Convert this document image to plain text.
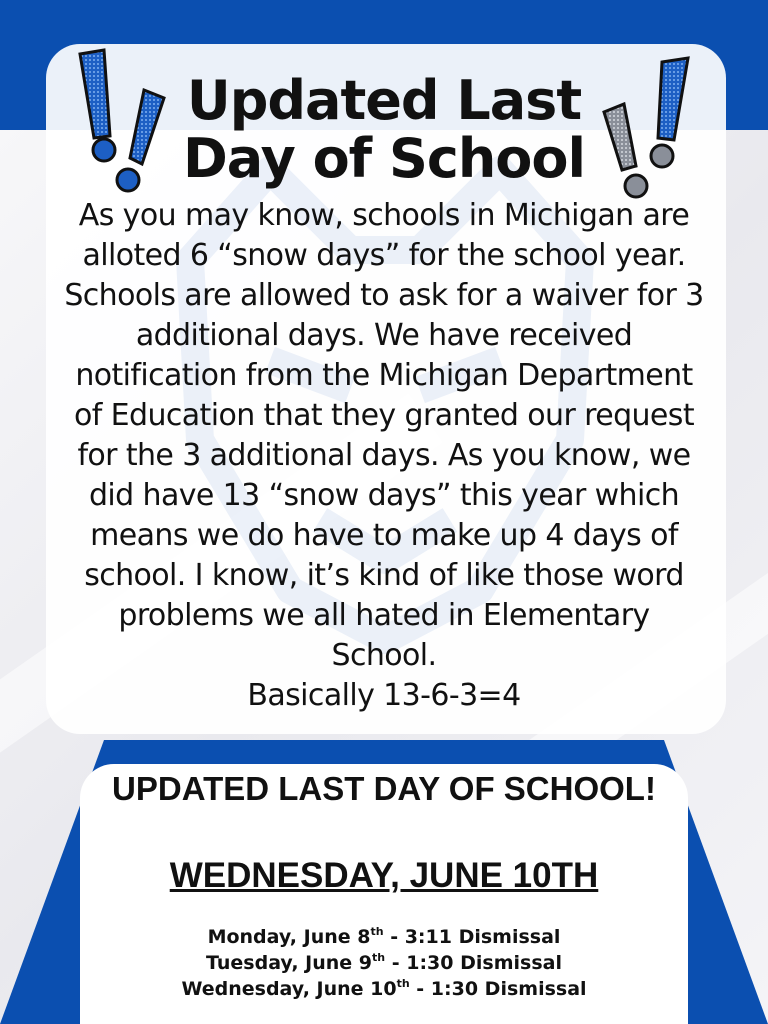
Updated Last
Day of School

As you may know, schools in Michigan are
alloted 6 “snow days” for the school year.
Schools are allowed to ask for a waiver for 3
additional days. We have received
notification from the Michigan Department
of Education that they granted our request
for the 3 additional days. As you know, we
did have 13 “snow days” this year which
means we do have to make up 4 days of
school. I know, it’s kind of like those word
problems we all hated in Elementary
School.
Basically 13-6-3=4

UPDATED LAST DAY OF SCHOOL!

WEDNESDAY, JUNE 10TH

Monday, June 8th - 3:11 Dismissal
Tuesday, June 9th - 1:30 Dismissal
Wednesday, June 10th - 1:30 Dismissal
